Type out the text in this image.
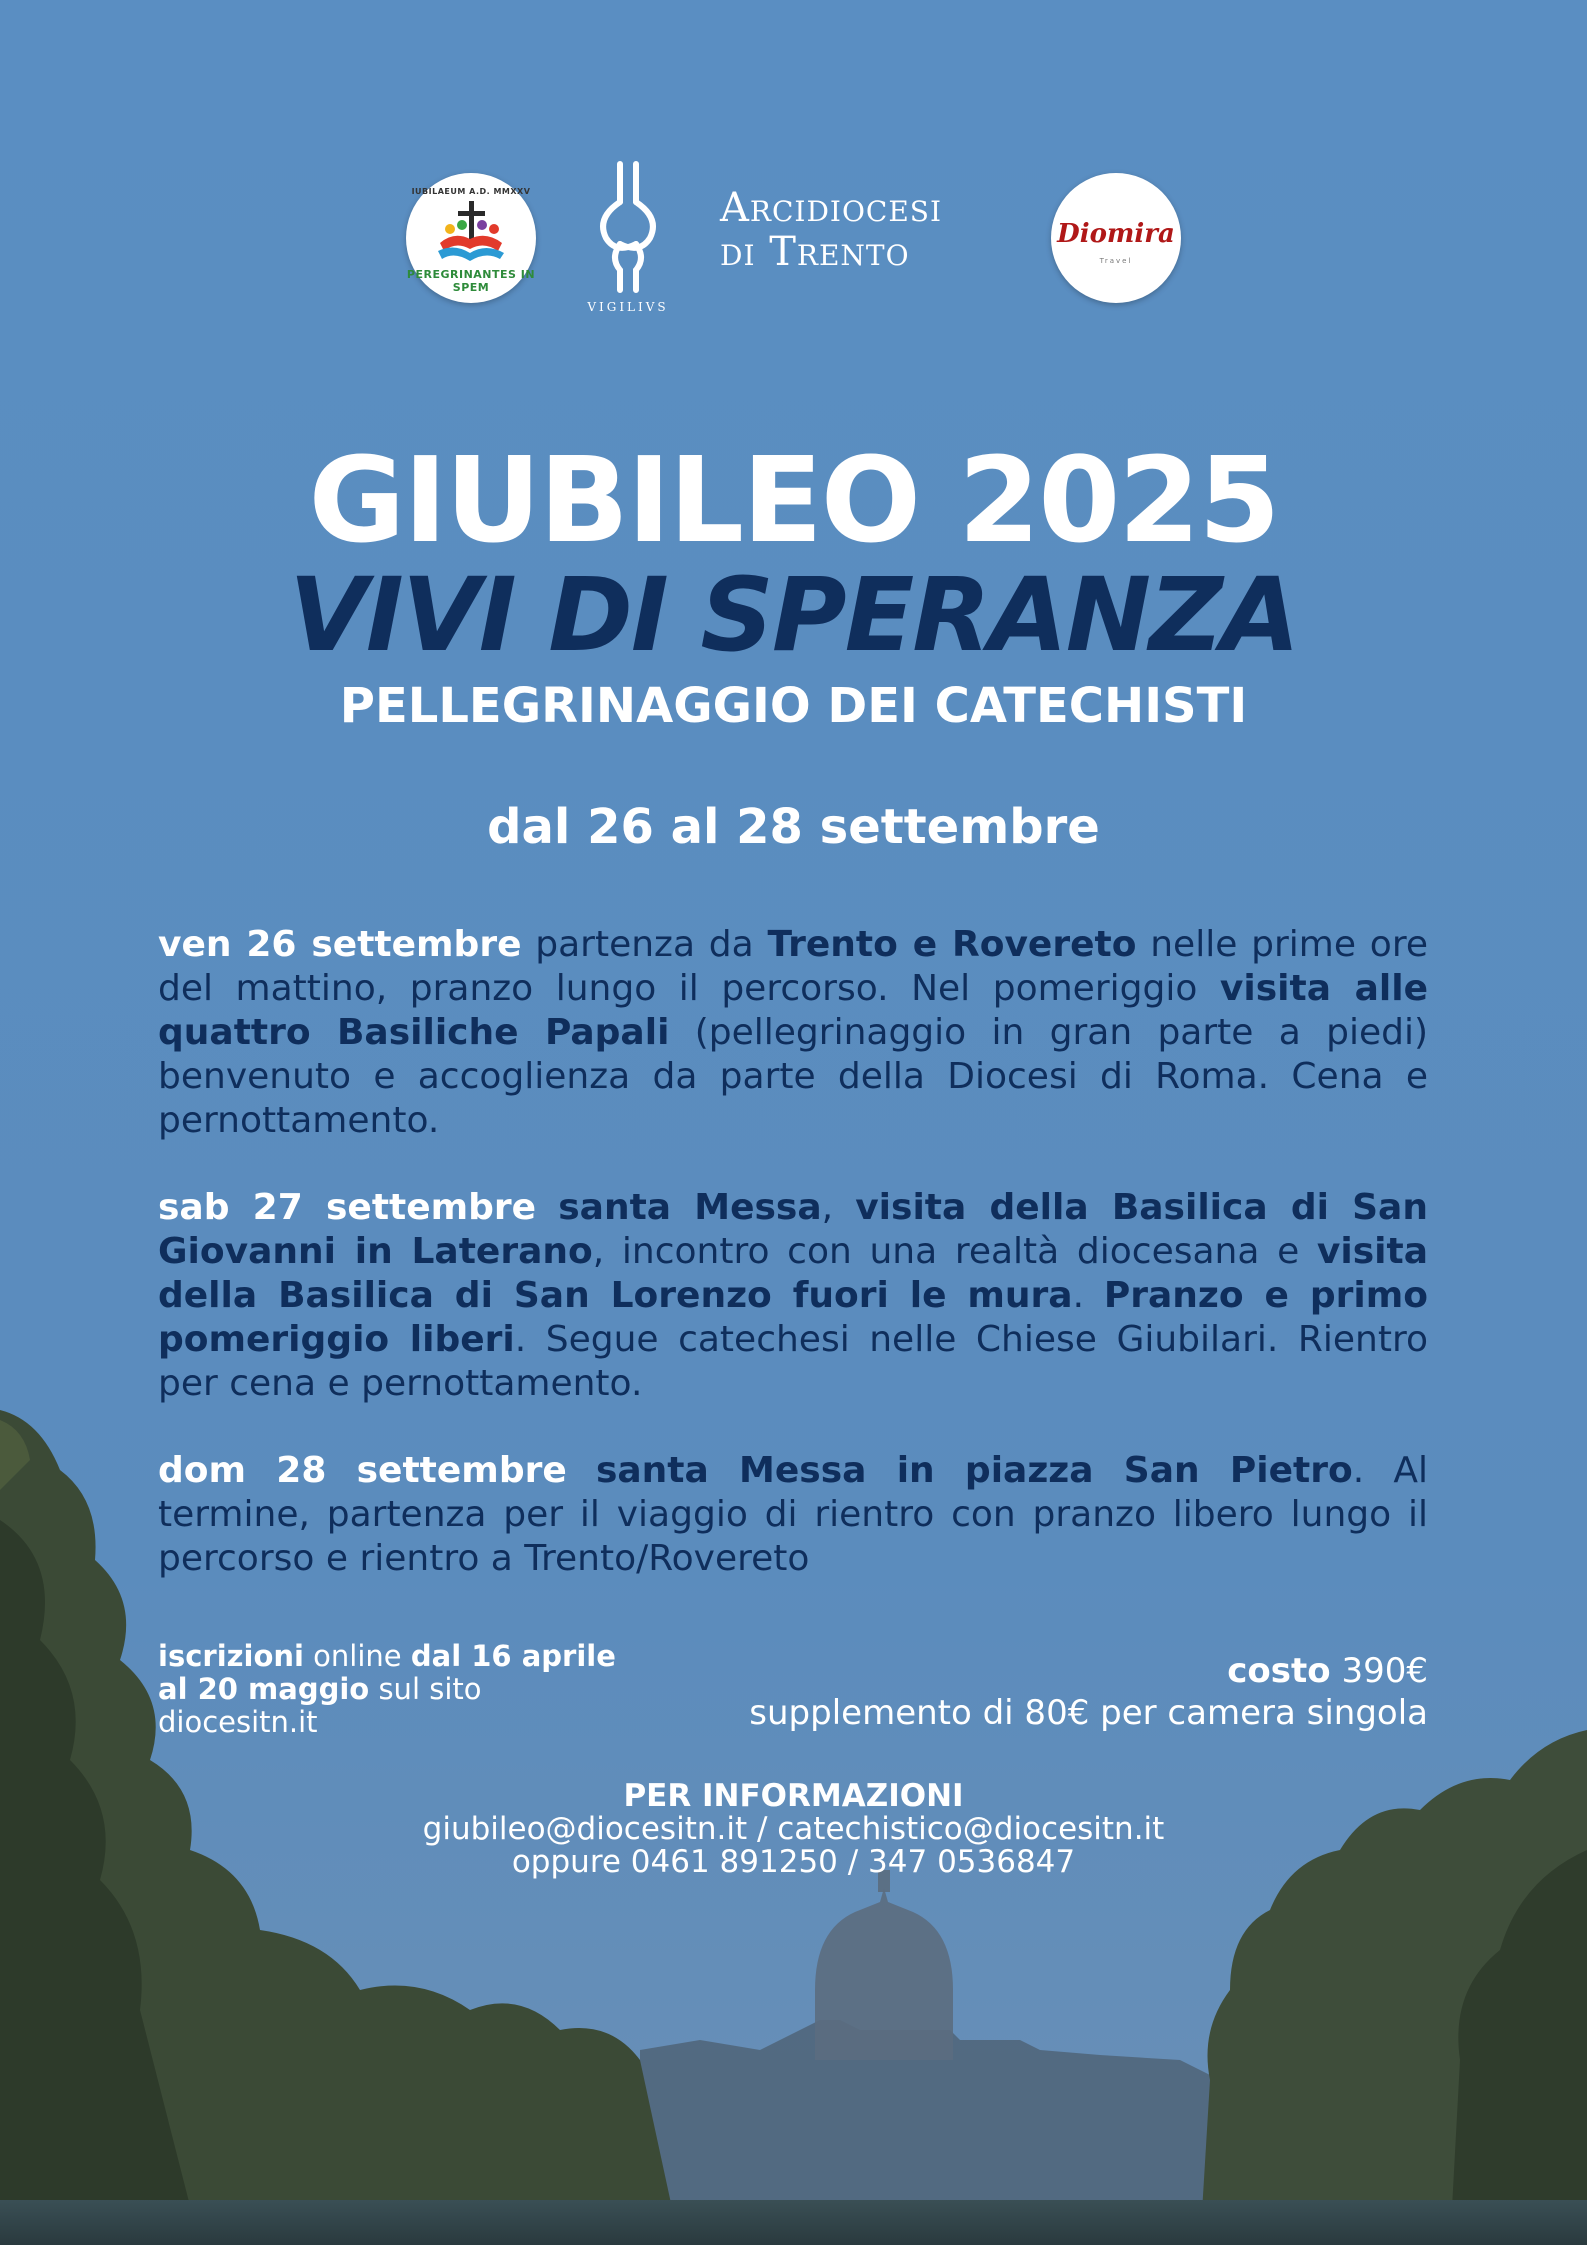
IUBILAEUM A.D. MMXXV
PEREGRINANTES IN SPEM
VIGILIVS
Arcidiocesi
di Trento	Diomira
Travel
GIUBILEO 2025
VIVI DI SPERANZA
PELLEGRINAGGIO DEI CATECHISTI
dal 26 al 28 settembre

ven 26 settembre partenza da Trento e Rovereto nelle prime ore del mattino, pranzo lungo il percorso. Nel pomeriggio visita alle quattro Basiliche Papali (pellegrinaggio in gran parte a piedi) benvenuto e accoglienza da parte della Diocesi di Roma. Cena e pernottamento.

sab 27 settembre santa Messa, visita della Basilica di San Giovanni in Laterano, incontro con una realtà diocesana e visita della Basilica di San Lorenzo fuori le mura. Pranzo e primo pomeriggio liberi. Segue catechesi nelle Chiese Giubilari. Rientro per cena e pernottamento.

dom 28 settembre santa Messa in piazza San Pietro. Al termine, partenza per il viaggio di rientro con pranzo libero lungo il percorso e rientro a Trento/Rovereto

iscrizioni online dal 16 aprile
al 20 maggio sul sito
diocesitn.it
costo 390€
supplemento di 80€ per camera singola
PER INFORMAZIONI
giubileo@diocesitn.it / catechistico@diocesitn.it
oppure 0461 891250 / 347 0536847
